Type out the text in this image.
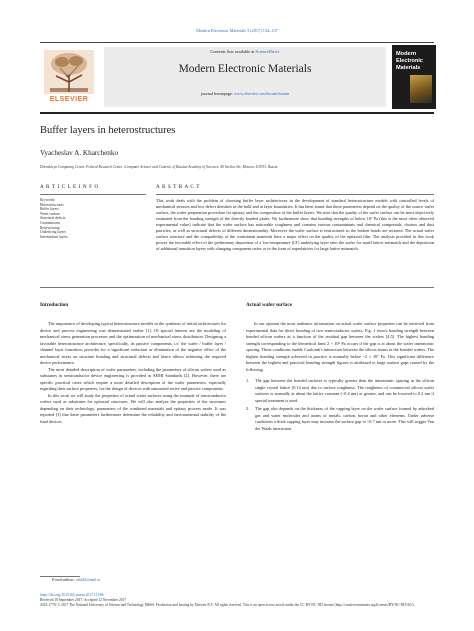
Modern Electronic Materials 3 (2017) 134–137
ELSEVIER
Contents lists available at ScienceDirect
Modern Electronic Materials
journal homepage: www.elsevier.com/locate/moem
Modern
Electronic
Materials
Buffer layers in heterostructures
Vyacheslav A. Kharchenko
Dorodnicyn Computing Centre, Federal Research Center «Computer Science and Control» of Russian Academy of Sciences, 40 Vavilov Str., Moscow 119333, Russia
A R T I C L E I N F O
Keywords:
Heterostructures
Buffer layers
Wafer surface
Structural defects
Contaminants
Restructuring
Underlying layers
Intermediate layers
A B S T R A C T
This work deals with the problem of choosing buffer layer architectures in the development of standard heterostructure models with controlled levels of mechanical stresses and low defect densities in the bulk and at layer boundaries. It has been found that these parameters depend on the quality of the source wafer surface, the wafer preparation procedure for epitaxy and the composition of the buffer layers. We note that the quality of the wafer surface can be most objectively estimated from the bonding strength of the directly bonded plates. We furthermore show that bonding strengths of below 10⁷ Pa (this is the most often observed experimental value) indicate that the wafer surface has noticeable roughness and contains various contaminants and chemical compounds, clusters and dust particles, as well as structural defects of different dimensionality. Moreover the wafer surface is restructured so the broken bonds are restored. The actual wafer surface structure and the compatibility of the constituent materials have a major effect on the quality of the epitaxial film. The analysis provided in this work proves the favorable effect of the preliminary deposition of a low-temperature (LT) underlying layer onto the wafer for small lattice mismatch and the deposition of additional transition layers with changing component ratios or in the form of superlattices for large lattice mismatch.
Introduction

The importance of developing typical heterostructure models in the synthesis of initial architectures for device and process engineering was demonstrated earlier [1]. Of special interest are the modeling of mechanical stress generation processes and the optimization of mechanical stress distribution. Designing a favorable heterostructure architecture, specifically, its passive components, i.e. the wafer / buffer layer / channel layer transition, provides for a significant reduction or elimination of the negative effect of the mechanical stress on structure bonding and structural defects and hence allows achieving the required device performance.

The most detailed description of wafer parameters, including the parameters of silicon wafers used as substrates in semiconductor device engineering is provided in SEMI Standards [2]. However, there are specific practical cases which require a more detailed description of the wafer parameters, especially regarding their surface properties, for the design of devices with nanosized active and passive components.

In this work we will study the properties of actual wafer surfaces using the example of semiconductor wafers used as substrates for epitaxial structures. We will also analyze the properties of the structures depending on their technology, parameters of the combined materials and epitaxy process mode. It was reported [3] that these parameters furthermore determine the reliability and environmental stability of the final devices.

Actual wafer surface

In our opinion the most authentic information on actual wafer surface properties can be retrieved from experimental data for direct bonding of two semiconductor wafers. Fig. 1 shows bonding strength between bonded silicon wafers as a function of the residual gap between the wafers [4,5]. The highest bonding strength corresponding to the theoretical limit 2 × 10⁹ Pa occurs if the gap is at about the wafer interatomic spacing. These conditions enable Coulomb's interaction between the silicon atoms in the bonded wafers. The highest bonding strength achieved in practice is normally below ~2 × 10⁷ Pa. This significant difference between the highest and practical bonding strength figures is attributed to large surface gaps caused by the following.

1.	The gap between the bonded surfaces is typically greater than the interatomic spacing in the silicon single crystal lattice (0.14 nm) due to surface roughness. The roughness of commercial silicon wafer surfaces is normally at about the lattice constant (~0.4 nm) or greater, and can be lowered to 0.2 nm if special treatment is used.
2.	The gap also depends on the thickness of the capping layer on the wafer surface formed by adsorbed gas and water molecules and atoms of metals, carbon, boron and other elements. Under adverse conditions a thick capping layer may increase the surface gap to ~0.7 nm or more. This will trigger Van der Waals interaction
E-mail address: vakh61@mail.ru
https://doi.org/10.1016/j.moem.2017.11.006
Received 18 September 2017; Accepted 12 November 2017
2452-1779/ © 2017 The National University of Science and Technology MISiS. Production and hosting by Elsevier B.V. All rights reserved. This is an open access article under the CC BY-NC-ND license (http://creativecommons.org/licenses/BY-NC-ND/4.0/).
